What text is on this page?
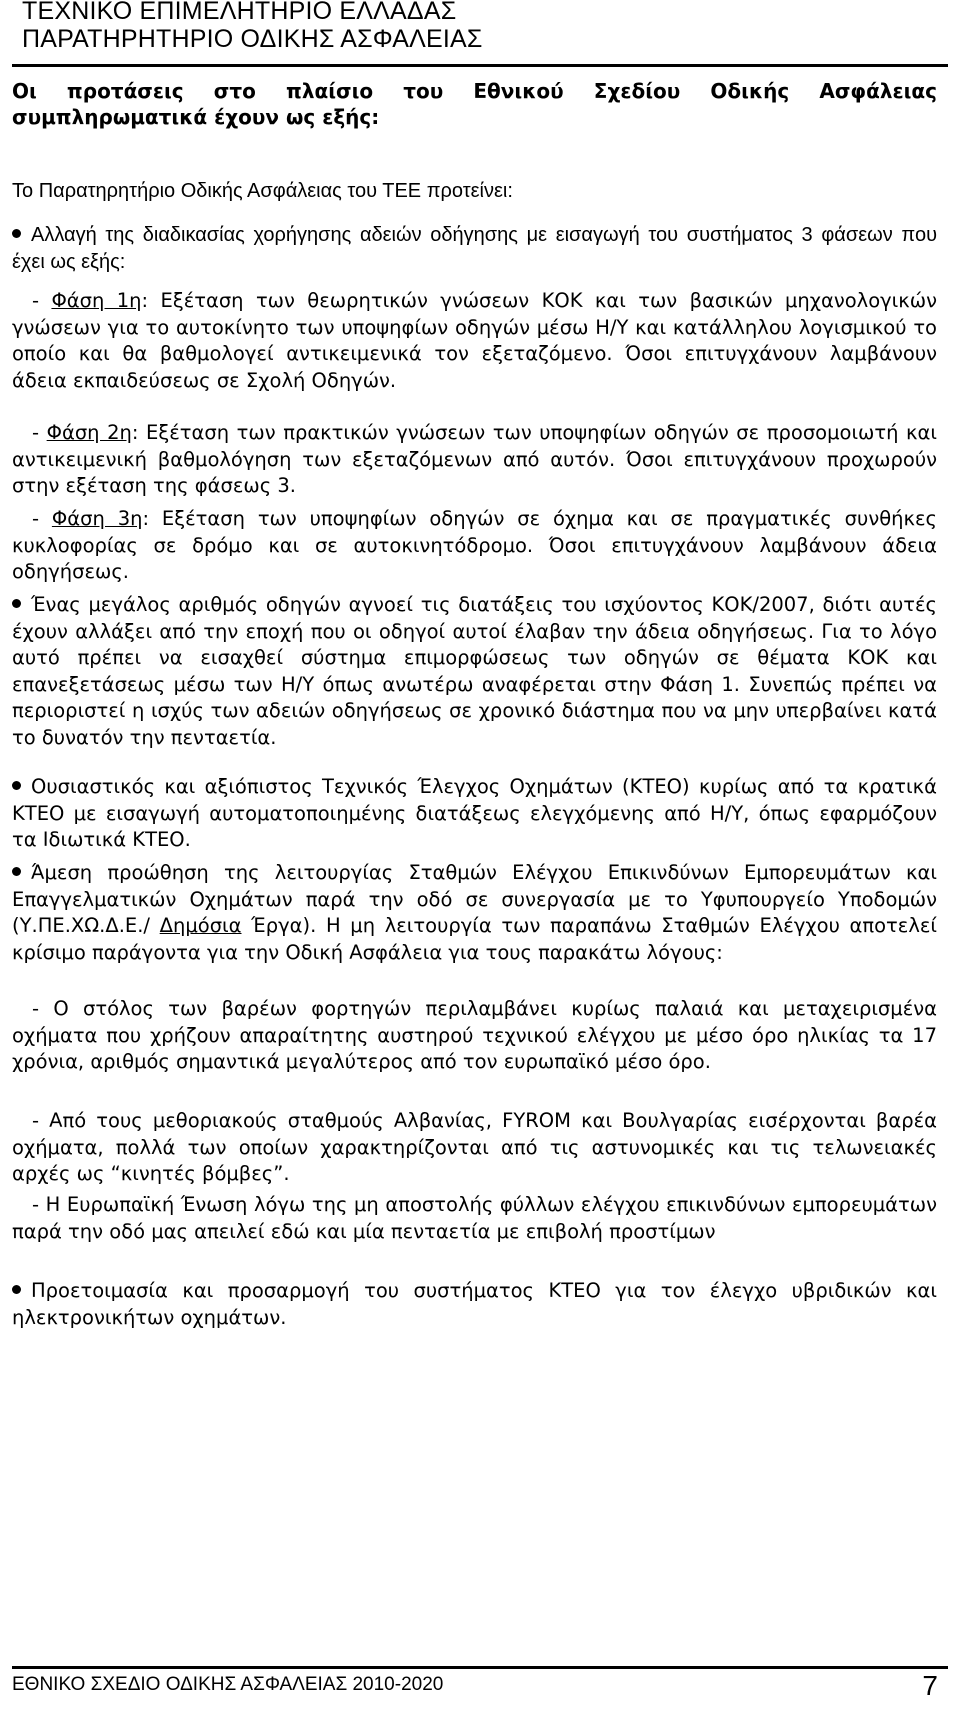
ΤΕΧΝΙΚΟ ΕΠΙΜΕΛΗΤΗΡΙΟ ΕΛΛΑΔΑΣ
ΠΑΡΑΤΗΡΗΤΗΡΙΟ ΟΔΙΚΗΣ ΑΣΦΑΛΕΙΑΣ

Οι προτάσεις στο πλαίσιο του Εθνικού Σχεδίου Οδικής Ασφάλειας συμπληρωματικά έχουν ως εξής:

Το Παρατηρητήριο Οδικής Ασφάλειας του ΤΕΕ προτείνει:

Αλλαγή της διαδικασίας χορήγησης αδειών οδήγησης με εισαγωγή του συστήματος 3 φάσεων που έχει ως εξής:

- Φάση 1η: Εξέταση των θεωρητικών γνώσεων ΚΟΚ και των βασικών μηχανολογικών γνώσεων για το αυτοκίνητο των υποψηφίων οδηγών μέσω Η/Υ και κατάλληλου λογισμικού το οποίο και θα βαθμολογεί αντικειμενικά τον εξεταζόμενο. Όσοι επιτυγχάνουν λαμβάνουν άδεια εκπαιδεύσεως σε Σχολή Οδηγών.

- Φάση 2η: Εξέταση των πρακτικών γνώσεων των υποψηφίων οδηγών σε προσομοιωτή και αντικειμενική βαθμολόγηση των εξεταζόμενων από αυτόν. Όσοι επιτυγχάνουν προχωρούν στην εξέταση της φάσεως 3.

- Φάση 3η: Εξέταση των υποψηφίων οδηγών σε όχημα και σε πραγματικές συνθήκες κυκλοφορίας σε δρόμο και σε αυτοκινητόδρομο. Όσοι επιτυγχάνουν λαμβάνουν άδεια οδηγήσεως.

Ένας μεγάλος αριθμός οδηγών αγνοεί τις διατάξεις του ισχύοντος ΚΟΚ/2007, διότι αυτές έχουν αλλάξει από την εποχή που οι οδηγοί αυτοί έλαβαν την άδεια οδηγήσεως. Για το λόγο αυτό πρέπει να εισαχθεί σύστημα επιμορφώσεως των οδηγών σε θέματα ΚΟΚ και επανεξετάσεως μέσω των Η/Υ όπως ανωτέρω αναφέρεται στην Φάση 1. Συνεπώς πρέπει να περιοριστεί η ισχύς των αδειών οδηγήσεως σε χρονικό διάστημα που να μην υπερβαίνει κατά το δυνατόν την πενταετία.

Ουσιαστικός και αξιόπιστος Τεχνικός Έλεγχος Οχημάτων (ΚΤΕΟ) κυρίως από τα κρατικά ΚΤΕΟ με εισαγωγή αυτοματοποιημένης διατάξεως ελεγχόμενης από Η/Υ, όπως εφαρμόζουν τα Ιδιωτικά ΚΤΕΟ.

Άμεση προώθηση της λειτουργίας Σταθμών Ελέγχου Επικινδύνων Εμπορευμάτων και Επαγγελματικών Οχημάτων παρά την οδό σε συνεργασία με το Υφυπουργείο Υποδομών (Υ.ΠΕ.ΧΩ.Δ.Ε./ Δημόσια Έργα). Η μη λειτουργία των παραπάνω Σταθμών Ελέγχου αποτελεί κρίσιμο παράγοντα για την Οδική Ασφάλεια για τους παρακάτω λόγους:

- Ο στόλος των βαρέων φορτηγών περιλαμβάνει κυρίως παλαιά και μεταχειρισμένα οχήματα που χρήζουν απαραίτητης αυστηρού τεχνικού ελέγχου με μέσο όρο ηλικίας τα 17 χρόνια, αριθμός σημαντικά μεγαλύτερος από τον ευρωπαϊκό μέσο όρο.

- Από τους μεθοριακούς σταθμούς Αλβανίας, FYROM και Βουλγαρίας εισέρχονται βαρέα οχήματα, πολλά των οποίων χαρακτηρίζονται από τις αστυνομικές και τις τελωνειακές αρχές ως “κινητές βόμβες”.

- Η Ευρωπαϊκή Ένωση λόγω της μη αποστολής φύλλων ελέγχου επικινδύνων εμπορευμάτων παρά την οδό μας απειλεί εδώ και μία πενταετία με επιβολή προστίμων

Προετοιμασία και προσαρμογή του συστήματος ΚΤΕΟ για τον έλεγχο υβριδικών και ηλεκτρονικήτων οχημάτων.

ΕΘΝΙΚΟ ΣΧΕΔΙΟ ΟΔΙΚΗΣ ΑΣΦΑΛΕΙΑΣ 2010-2020	7
